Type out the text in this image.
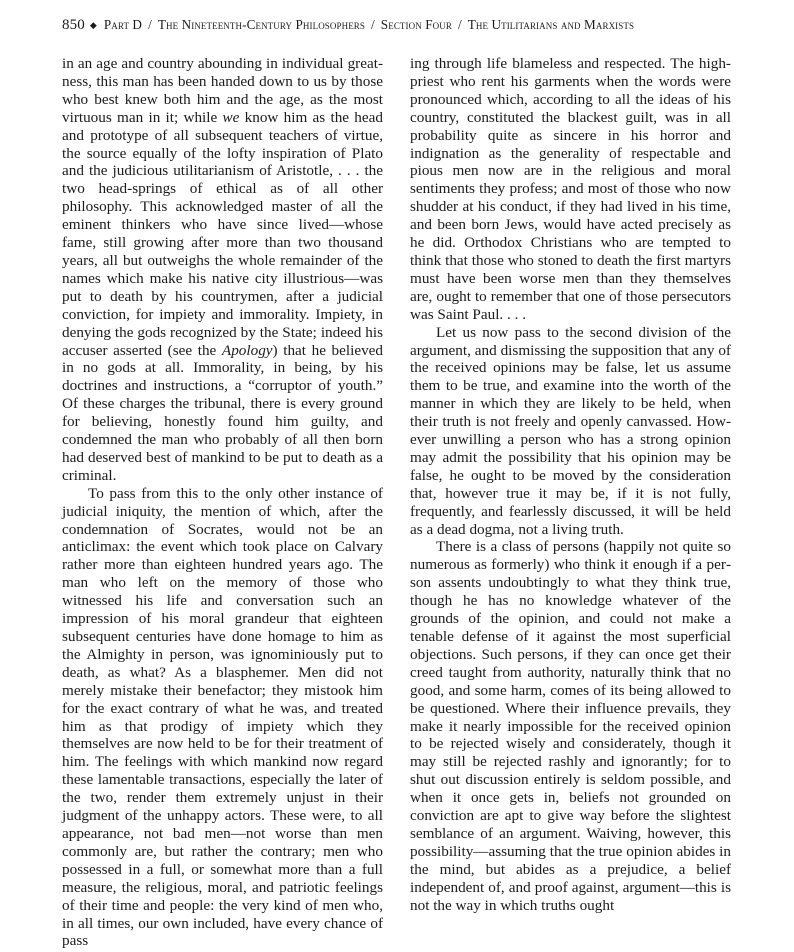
850 ◆ Part D / The Nineteenth-Century Philosophers / Section Four / The Utilitarians and Marxists

in an age and country abounding in individual greatness, this man has been handed down to us by those who best knew both him and the age, as the most virtuous man in it; while we know him as the head and prototype of all subsequent teachers of virtue, the source equally of the lofty inspiration of Plato and the judicious utilitarianism of Aristotle, . . . the two head-springs of ethical as of all other philosophy. This acknowledged master of all the eminent thinkers who have since lived—whose fame, still growing after more than two thousand years, all but outweighs the whole remainder of the names which make his native city illustrious—was put to death by his countrymen, after a judicial conviction, for impiety and immorality. Impiety, in denying the gods recognized by the State; indeed his accuser asserted (see the Apology) that he believed in no gods at all. Immorality, in being, by his doctrines and instructions, a “corruptor of youth.” Of these charges the tribunal, there is every ground for believing, honestly found him guilty, and condemned the man who probably of all then born had deserved best of mankind to be put to death as a criminal.

To pass from this to the only other instance of judicial iniquity, the mention of which, after the condemnation of Socrates, would not be an anticlimax: the event which took place on Calvary rather more than eighteen hundred years ago. The man who left on the memory of those who witnessed his life and conversation such an impression of his moral grandeur that eighteen subsequent centuries have done homage to him as the Almighty in person, was ignominiously put to death, as what? As a blasphemer. Men did not merely mistake their benefactor; they mistook him for the exact contrary of what he was, and treated him as that prodigy of impiety which they themselves are now held to be for their treatment of him. The feelings with which mankind now regard these lamentable transactions, especially the later of the two, render them extremely unjust in their judgment of the unhappy actors. These were, to all appearance, not bad men—not worse than men commonly are, but rather the contrary; men who possessed in a full, or somewhat more than a full measure, the religious, moral, and patriotic feelings of their time and people: the very kind of men who, in all times, our own included, have every chance of pass

ing through life blameless and respected. The high-priest who rent his garments when the words were pronounced which, according to all the ideas of his country, constituted the blackest guilt, was in all probability quite as sincere in his horror and indignation as the generality of respectable and pious men now are in the religious and moral sentiments they profess; and most of those who now shudder at his conduct, if they had lived in his time, and been born Jews, would have acted precisely as he did. Orthodox Christians who are tempted to think that those who stoned to death the first martyrs must have been worse men than they themselves are, ought to remember that one of those persecutors was Saint Paul. . . .

Let us now pass to the second division of the argument, and dismissing the supposition that any of the received opinions may be false, let us assume them to be true, and examine into the worth of the manner in which they are likely to be held, when their truth is not freely and openly canvassed. However unwilling a person who has a strong opinion may admit the possibility that his opinion may be false, he ought to be moved by the consideration that, however true it may be, if it is not fully, frequently, and fearlessly discussed, it will be held as a dead dogma, not a living truth.

There is a class of persons (happily not quite so numerous as formerly) who think it enough if a person assents undoubtingly to what they think true, though he has no knowledge whatever of the grounds of the opinion, and could not make a tenable defense of it against the most superficial objections. Such persons, if they can once get their creed taught from authority, naturally think that no good, and some harm, comes of its being allowed to be questioned. Where their influence prevails, they make it nearly impossible for the received opinion to be rejected wisely and considerately, though it may still be rejected rashly and ignorantly; for to shut out discussion entirely is seldom possible, and when it once gets in, beliefs not grounded on conviction are apt to give way before the slightest semblance of an argument. Waiving, however, this possibility—assuming that the true opinion abides in the mind, but abides as a prejudice, a belief independent of, and proof against, argument—this is not the way in which truths ought
